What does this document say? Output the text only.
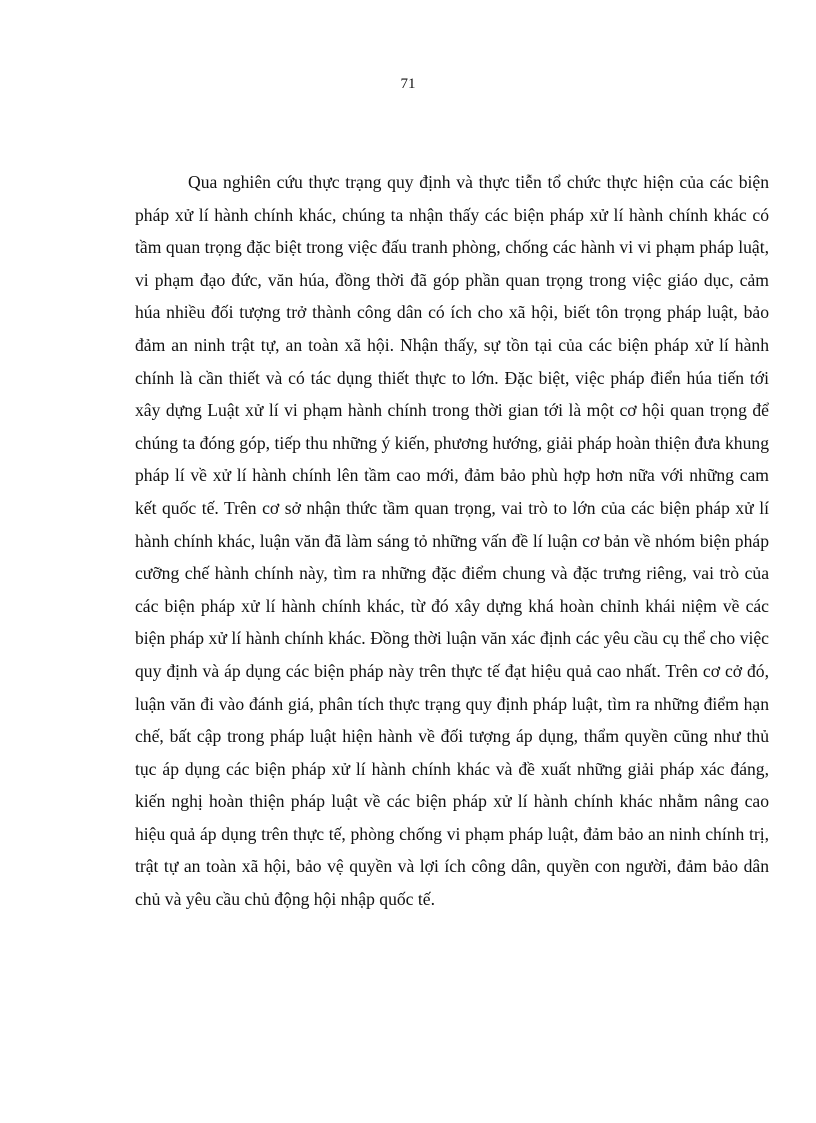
71

Qua nghiên cứu thực trạng quy định và thực tiễn tổ chức thực hiện của các biện pháp xử lí hành chính khác, chúng ta nhận thấy các biện pháp xử lí hành chính khác có tầm quan trọng đặc biệt trong việc đấu tranh phòng, chống các hành vi vi phạm pháp luật, vi phạm đạo đức, văn húa, đồng thời đã góp phần quan trọng trong việc giáo dục, cảm húa nhiều đối tượng trở thành công dân có ích cho xã hội, biết tôn trọng pháp luật, bảo đảm an ninh trật tự, an toàn xã hội. Nhận thấy, sự tồn tại của các biện pháp xử lí hành chính là cần thiết và có tác dụng thiết thực to lớn. Đặc biệt, việc pháp điển húa tiến tới xây dựng Luật xử lí vi phạm hành chính trong thời gian tới là một cơ hội quan trọng để chúng ta đóng góp, tiếp thu những ý kiến, phương hướng, giải pháp hoàn thiện đưa khung pháp lí về xử lí hành chính lên tầm cao mới, đảm bảo phù hợp hơn nữa với những cam kết quốc tế. Trên cơ sở nhận thức tầm quan trọng, vai trò to lớn của các biện pháp xử lí hành chính khác, luận văn đã làm sáng tỏ những vấn đề lí luận cơ bản về nhóm biện pháp cưỡng chế hành chính này, tìm ra những đặc điểm chung và đặc trưng riêng, vai trò của các biện pháp xử lí hành chính khác, từ đó xây dựng khá hoàn chỉnh khái niệm về các biện pháp xử lí hành chính khác. Đồng thời luận văn xác định các yêu cầu cụ thể cho việc quy định và áp dụng các biện pháp này trên thực tế đạt hiệu quả cao nhất. Trên cơ cở đó, luận văn đi vào đánh giá, phân tích thực trạng quy định pháp luật, tìm ra những điểm hạn chế, bất cập trong pháp luật hiện hành về đối tượng áp dụng, thẩm quyền cũng như thủ tục áp dụng các biện pháp xử lí hành chính khác và đề xuất những giải pháp xác đáng, kiến nghị hoàn thiện pháp luật về các biện pháp xử lí hành chính khác nhằm nâng cao hiệu quả áp dụng trên thực tế, phòng chống vi phạm pháp luật, đảm bảo an ninh chính trị, trật tự an toàn xã hội, bảo vệ quyền và lợi ích công dân, quyền con người, đảm bảo dân chủ và yêu cầu chủ động hội nhập quốc tế.
